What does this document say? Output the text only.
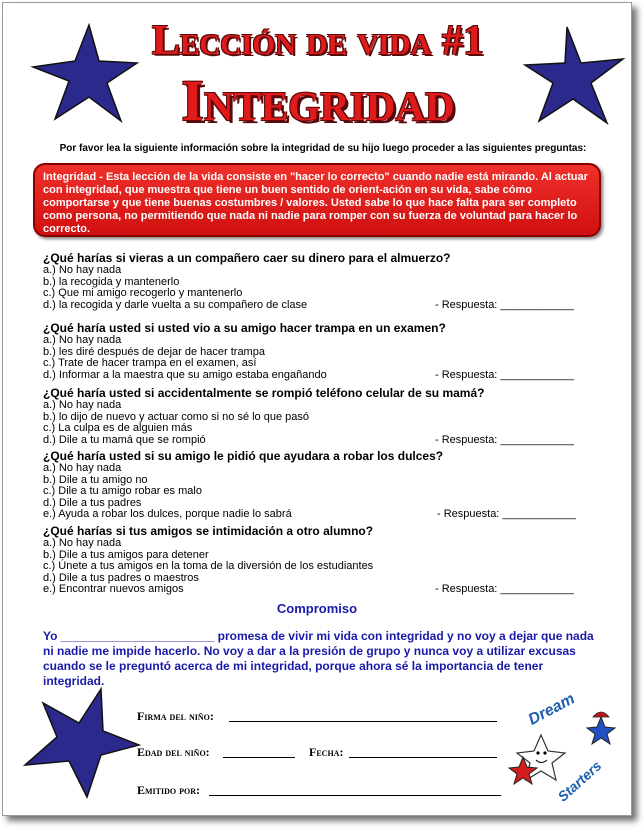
Lección de vida #1
Integridad
Por favor lea la siguiente información sobre la integridad de su hijo luego proceder a las siguientes preguntas:
Integridad - Esta lección de la vida consiste en "hacer lo correcto" cuando nadie está mirando. Al actuar con integridad, que muestra que tiene un buen sentido de orient-ación en su vida, sabe cómo comportarse y que tiene buenas costumbres / valores. Usted sabe lo que hace falta para ser completo como persona, no permitiendo que nada ni nadie para romper con su fuerza de voluntad para hacer lo correcto.
¿Qué harías si vieras a un compañero caer su dinero para el almuerzo?
a.) No hay nada
b.) la recogida y mantenerlo
c.) Que mi amigo recogerlo y mantenerlo
d.) la recogida y darle vuelta a su compañero de clase	- Respuesta: ____________
¿Qué haría usted si usted vio a su amigo hacer trampa en un examen?
a.) No hay nada
b.) les diré después de dejar de hacer trampa
c.) Trate de hacer trampa en el examen, así
d.) Informar a la maestra que su amigo estaba engañando	- Respuesta: ____________
¿Qué haría usted si accidentalmente se rompió teléfono celular de su mamá?
a.) No hay nada
b.) lo dijo de nuevo y actuar como si no sé lo que pasó
c.) La culpa es de alguien más
d.) Dile a tu mamá que se rompió	- Respuesta: ____________
¿Qué haría usted si su amigo le pidió que ayudara a robar los dulces?
a.) No hay nada
b.) Dile a tu amigo no
c.) Dile a tu amigo robar es malo
d.) Dile a tus padres
e.) Ayuda a robar los dulces, porque nadie lo sabrá	- Respuesta: ____________
¿Qué harías si tus amigos se intimidación a otro alumno?
a.) No hay nada
b.) Dile a tus amigos para detener
c.) Únete a tus amigos en la toma de la diversión de los estudiantes
d.) Dile a tus padres o maestros
e.) Encontrar nuevos amigos	- Respuesta: ____________
Compromiso
Yo _______________________ promesa de vivir mi vida con integridad y no voy a dejar que nada ni nadie me impide hacerlo. No voy a dar a la presión de grupo y nunca voy a utilizar excusas cuando se le preguntó acerca de mi integridad, porque ahora sé la importancia de tener integridad.
Firma del niño:
Edad del niño:	Fecha:
Emitido por:
Dream
Starters
